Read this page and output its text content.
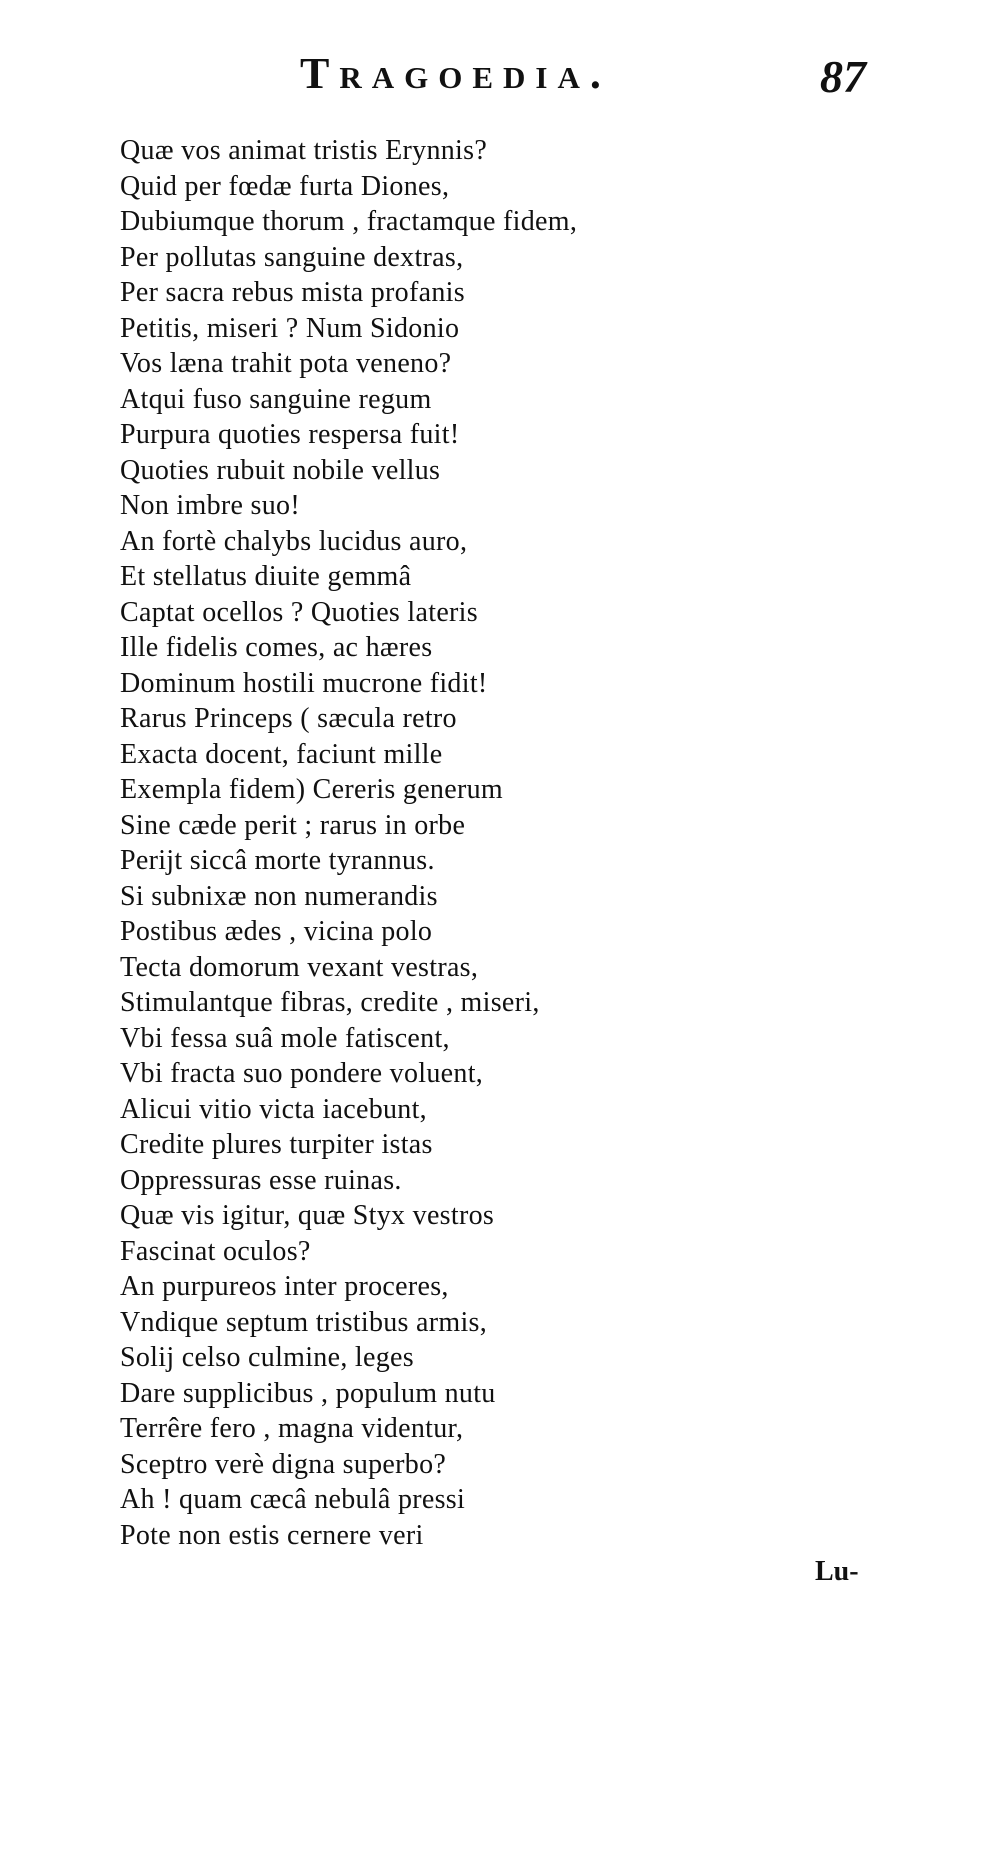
Tragoedia.	87
Quæ vos animat tristis Erynnis?
Quid per fœdæ furta Diones,
Dubiumque thorum , fractamque fidem,
Per pollutas sanguine dextras,
Per sacra rebus mista profanis
Petitis, miseri ? Num Sidonio
Vos læna trahit pota veneno?
Atqui fuso sanguine regum
Purpura quoties respersa fuit!
Quoties rubuit nobile vellus
Non imbre suo!
An fortè chalybs lucidus auro,
Et stellatus diuite gemmâ
Captat ocellos ? Quoties lateris
Ille fidelis comes, ac hæres
Dominum hostili mucrone fidit!
Rarus Princeps ( sæcula retro
Exacta docent, faciunt mille
Exempla fidem) Cereris generum
Sine cæde perit ; rarus in orbe
Perijt siccâ morte tyrannus.
Si subnixæ non numerandis
Postibus ædes , vicina polo
Tecta domorum vexant vestras,
Stimulantque fibras, credite , miseri,
Vbi fessa suâ mole fatiscent,
Vbi fracta suo pondere voluent,
Alicui vitio victa iacebunt,
Credite plures turpiter istas
Oppressuras esse ruinas.
Quæ vis igitur, quæ Styx vestros
Fascinat oculos?
An purpureos inter proceres,
Vndique septum tristibus armis,
Solij celso culmine, leges
Dare supplicibus , populum nutu
Terrêre fero , magna videntur,
Sceptro verè digna superbo?
Ah ! quam cæcâ nebulâ pressi
Pote non estis cernere veri
Lu-
